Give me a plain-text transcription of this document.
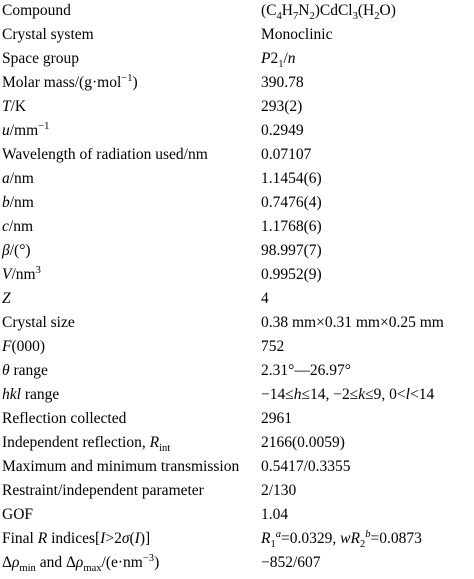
Compound	$(C_4H_7N_2)CdCl_3(H_2O)$
Crystal system	Monoclinic
Space group	$P2_1/n$
Molar mass/(g·mol$^{-1}$)	390.78
T/K	293(2)
$u/mm^{-1}$	0.2949
Wavelength of radiation used/nm	0.07107
a/nm	1.1454(6)
b/nm	0.7476(4)
c/nm	1.1768(6)
β/(°)	98.997(7)
$V/nm^3$	0.9952(9)
Z	4
Crystal size	0.38 mm×0.31 mm×0.25 mm
F(000)	752
θ range	2.31°—26.97°
hkl range	−14≤h≤14, −2≤k≤9, 0<l<14
Reflection collected	2961
Independent reflection, $R_{int}$	2166(0.0059)
Maximum and minimum transmission 0.5417/0.3355
Restraint/independent parameter	2/130
GOF	1.04
Final R indices[I>2σ(I)]	$R_1^a=0.0329$, $wR_2^b=0.0873$
$\Delta\rho_{min}$ and $\Delta\rho_{max}/(e\cdot nm^{-3})$	−852/607
